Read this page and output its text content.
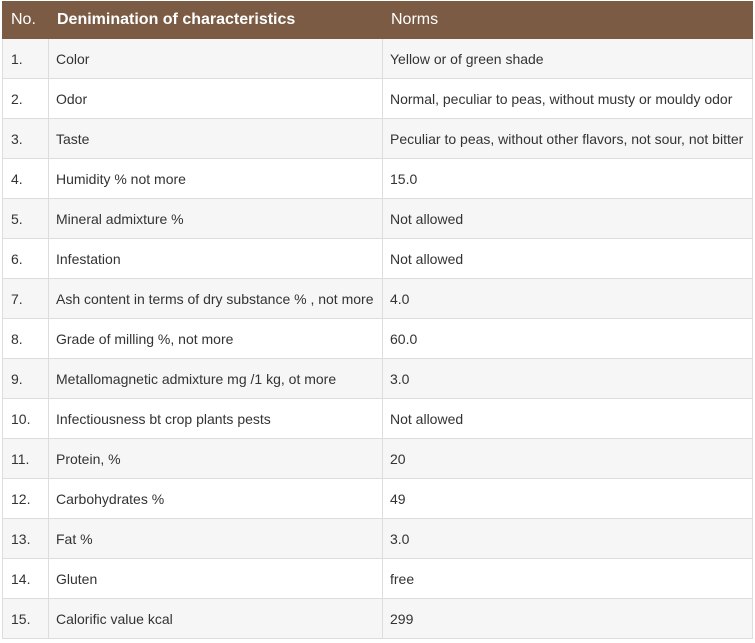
No.	Denimination of characteristics	Norms
1.	Color	Yellow or of green shade
2.	Odor	Normal, peculiar to peas, without musty or mouldy odor
3.	Taste	Peculiar to peas, without other flavors, not sour, not bitter
4.	Humidity % not more	15.0
5.	Mineral admixture %	Not allowed
6.	Infestation	Not allowed
7.	Ash content in terms of dry substance % , not more	4.0
8.	Grade of milling %, not more	60.0
9.	Metallomagnetic admixture mg /1 kg, ot more	3.0
10.	Infectiousness bt crop plants pests	Not allowed
11.	Protein, %	20
12.	Carbohydrates %	49
13.	Fat %	3.0
14.	Gluten	free
15.	Calorific value kcal	299
